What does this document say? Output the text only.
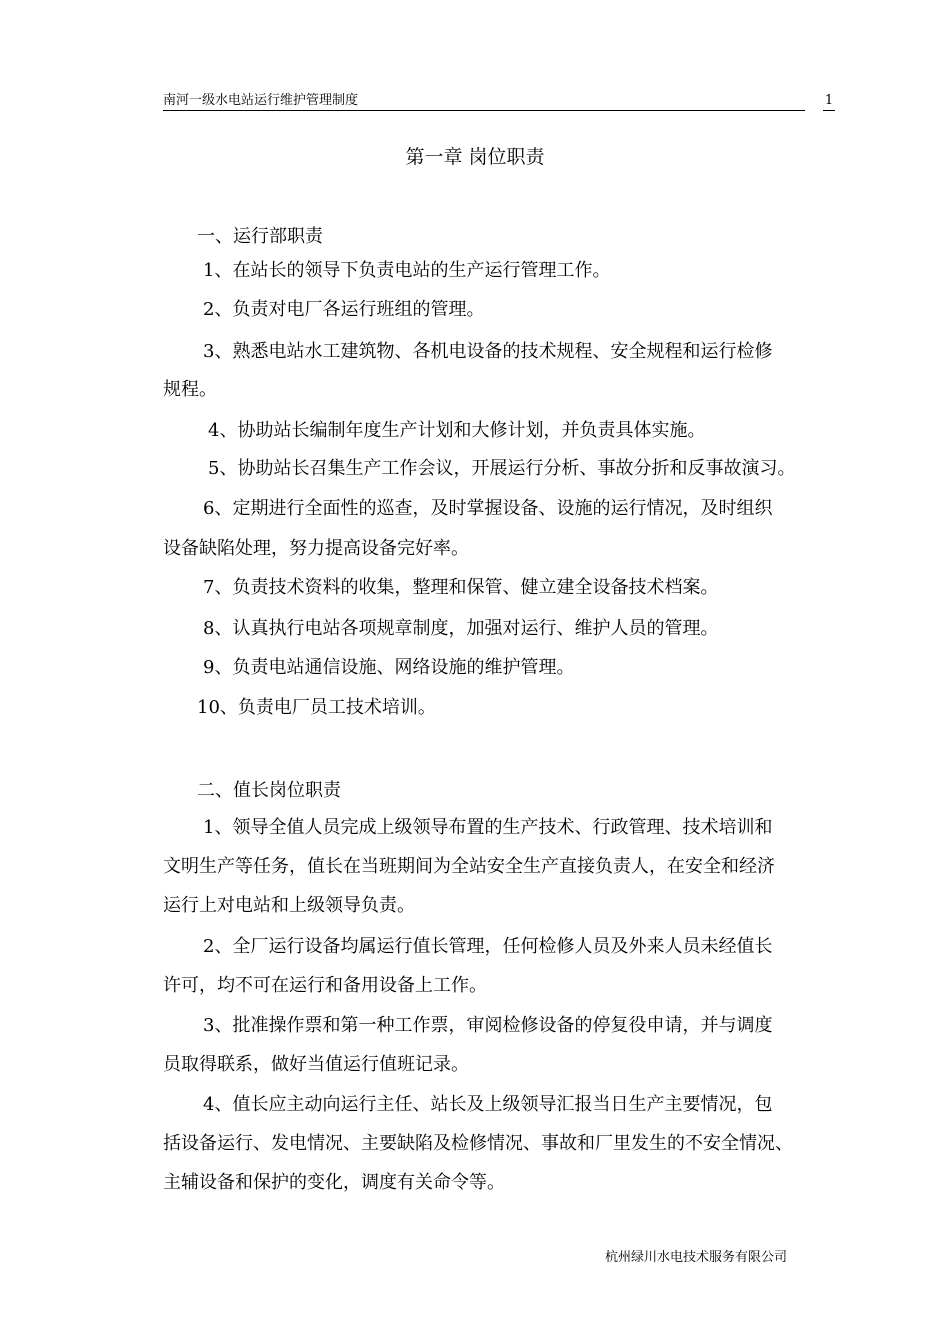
南河一级水电站运行维护管理制度	1
第一章 岗位职责
一、运行部职责
1、在站长的领导下负责电站的生产运行管理工作。
2、负责对电厂各运行班组的管理。
3、熟悉电站水工建筑物、各机电设备的技术规程、安全规程和运行检修
规程。
4、协助站长编制年度生产计划和大修计划，并负责具体实施。
5、协助站长召集生产工作会议，开展运行分析、事故分折和反事故演习。
6、定期进行全面性的巡查，及时掌握设备、设施的运行情况，及时组织
设备缺陷处理，努力提高设备完好率。
7、负责技术资料的收集，整理和保管、健立建全设备技术档案。
8、认真执行电站各项规章制度，加强对运行、维护人员的管理。
9、负责电站通信设施、网络设施的维护管理。
10、负责电厂员工技术培训。
二、值长岗位职责
1、领导全值人员完成上级领导布置的生产技术、行政管理、技术培训和
文明生产等任务，值长在当班期间为全站安全生产直接负责人，在安全和经济
运行上对电站和上级领导负责。
2、全厂运行设备均属运行值长管理，任何检修人员及外来人员未经值长
许可，均不可在运行和备用设备上工作。
3、批准操作票和第一种工作票，审阅检修设备的停复役申请，并与调度
员取得联系，做好当值运行值班记录。
4、值长应主动向运行主任、站长及上级领导汇报当日生产主要情况，包
括设备运行、发电情况、主要缺陷及检修情况、事故和厂里发生的不安全情况、
主辅设备和保护的变化，调度有关命令等。
杭州绿川水电技术服务有限公司
